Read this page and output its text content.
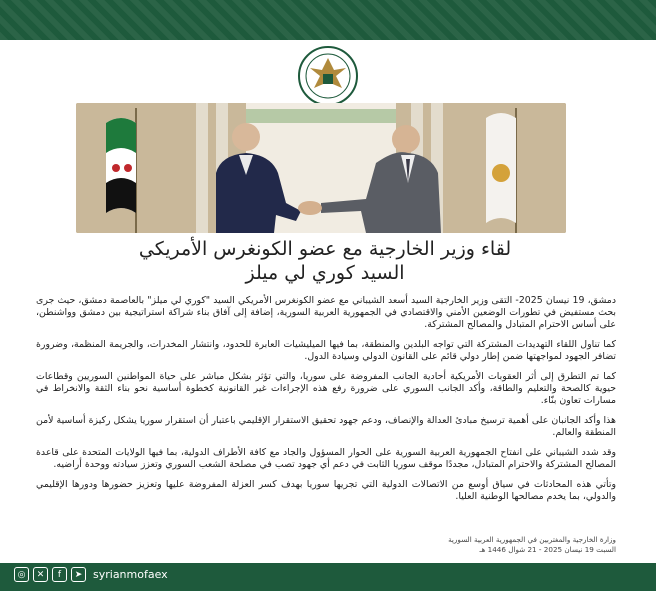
لقاء وزير الخارجية مع عضو الكونغرس الأمريكي
السيد كوري لي ميلز

دمشق، 19 نيسان 2025- التقى وزير الخارجية السيد أسعد الشيباني مع عضو الكونغرس الأمريكي السيد "كوري لي ميلز" بالعاصمة دمشق، حيث جرى بحث مستفيض في تطورات الوضعين الأمني والاقتصادي في الجمهورية العربية السورية، إضافة إلى آفاق بناء شراكة استراتيجية بين دمشق وواشنطن، على أساس الاحترام المتبادل والمصالح المشتركة.

كما تناول اللقاء التهديدات المشتركة التي تواجه البلدين والمنطقة، بما فيها الميليشيات العابرة للحدود، وانتشار المخدرات، والجريمة المنظمة، وضرورة تضافر الجهود لمواجهتها ضمن إطار دولي قائم على القانون الدولي وسيادة الدول.

كما تم التطرق إلى أثر العقوبات الأمريكية أحادية الجانب المفروضة على سوريا، والتي تؤثر بشكل مباشر على حياة المواطنين السوريين وقطاعات حيوية كالصحة والتعليم والطاقة، وأكد الجانب السوري على ضرورة رفع هذه الإجراءات غير القانونية كخطوة أساسية نحو بناء الثقة والانخراط في مسارات تعاون بنّاء.

هذا وأكد الجانبان على أهمية ترسيخ مبادئ العدالة والإنصاف، ودعم جهود تحقيق الاستقرار الإقليمي باعتبار أن استقرار سوريا يشكل ركيزة أساسية لأمن المنطقة والعالم.

وقد شدد الشيباني على انفتاح الجمهورية العربية السورية على الحوار المسؤول والجاد مع كافة الأطراف الدولية، بما فيها الولايات المتحدة على قاعدة المصالح المشتركة والاحترام المتبادل، مجددًا موقف سوريا الثابت في دعم أي جهود تصب في مصلحة الشعب السوري وتعزز سيادته ووحدة أراضيه.

وتأتي هذه المحادثات في سياق أوسع من الاتصالات الدولية التي تجريها سوريا بهدف كسر العزلة المفروضة عليها وتعزيز حضورها ودورها الإقليمي والدولي، بما يخدم مصالحها الوطنية العليا.

وزارة الخارجية والمغتربين في الجمهورية العربية السورية
السبت 19 نيسان 2025 - 21 شوال 1446 هـ
◎	✕	f	➤ syrianmofaex
